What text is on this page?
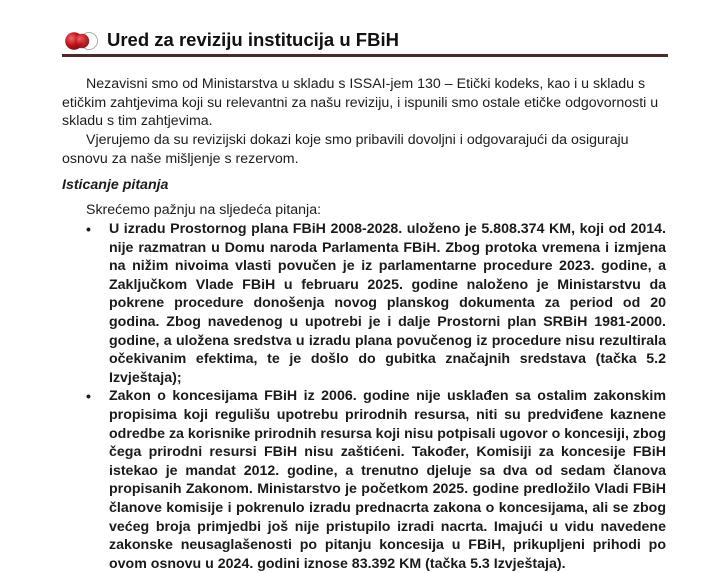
Ured za reviziju institucija u FBiH
Nezavisni smo od Ministarstva u skladu s ISSAI-jem 130 – Etički kodeks, kao i u skladu s etičkim zahtjevima koji su relevantni za našu reviziju, i ispunili smo ostale etičke odgovornosti u skladu s tim zahtjevima.
Vjerujemo da su revizijski dokazi koje smo pribavili dovoljni i odgovarajući da osiguraju osnovu za naše mišljenje s rezervom.
Isticanje pitanja
Skrećemo pažnju na sljedeća pitanja:
• U izradu Prostornog plana FBiH 2008-2028. uloženo je 5.808.374 KM, koji od 2014. nije razmatran u Domu naroda Parlamenta FBiH. Zbog protoka vremena i izmjena na nižim nivoima vlasti povučen je iz parlamentarne procedure 2023. godine, a Zaključkom Vlade FBiH u februaru 2025. godine naloženo je Ministarstvu da pokrene procedure donošenja novog planskog dokumenta za period od 20 godina. Zbog navedenog u upotrebi je i dalje Prostorni plan SRBiH 1981-2000. godine, a uložena sredstva u izradu plana povučenog iz procedure nisu rezultirala očekivanim efektima, te je došlo do gubitka značajnih sredstava (tačka 5.2 Izvještaja);
• Zakon o koncesijama FBiH iz 2006. godine nije usklađen sa ostalim zakonskim propisima koji regulišu upotrebu prirodnih resursa, niti su predviđene kaznene odredbe za korisnike prirodnih resursa koji nisu potpisali ugovor o koncesiji, zbog čega prirodni resursi FBiH nisu zaštićeni. Također, Komisiji za koncesije FBiH istekao je mandat 2012. godine, a trenutno djeluje sa dva od sedam članova propisanih Zakonom. Ministarstvo je početkom 2025. godine predložilo Vladi FBiH članove komisije i pokrenulo izradu prednacrta zakona o koncesijama, ali se zbog većeg broja primjedbi još nije pristupilo izradi nacrta. Imajući u vidu navedene zakonske neusaglašenosti po pitanju koncesija u FBiH, prikupljeni prihodi po ovom osnovu u 2024. godini iznose 83.392 KM (tačka 5.3 Izvještaja).
